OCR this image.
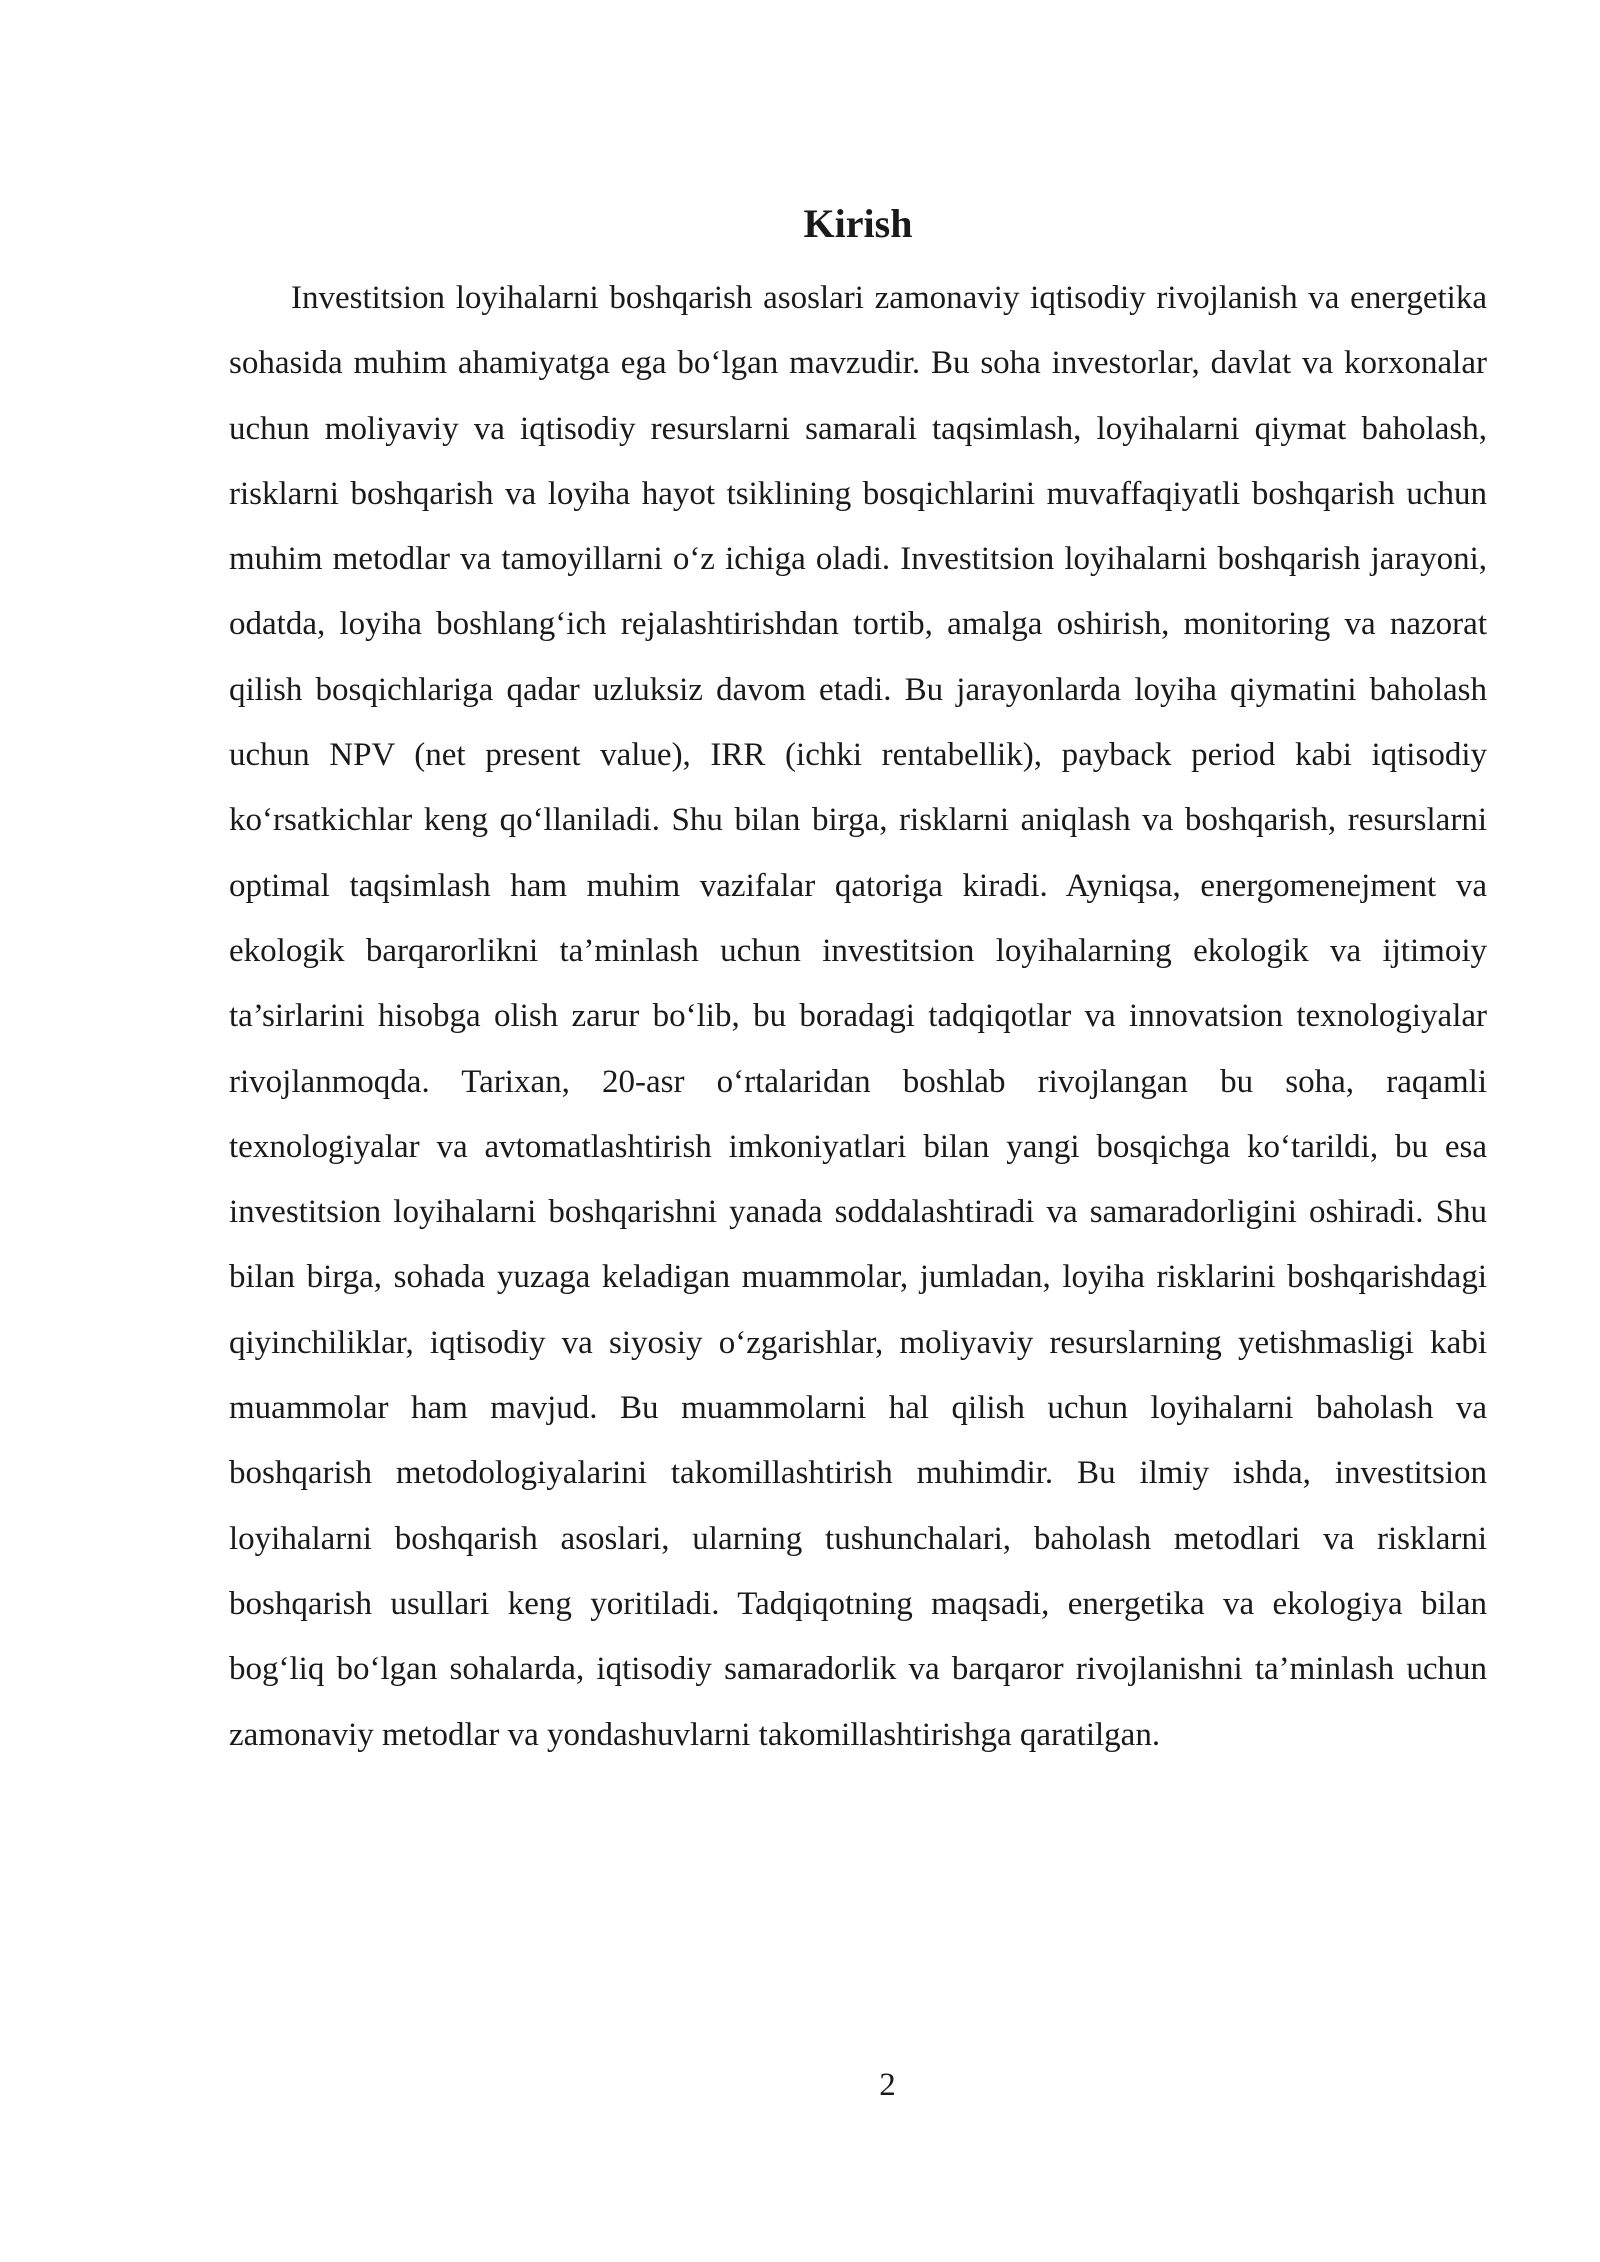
Kirish

Investitsion loyihalarni boshqarish asoslari zamonaviy iqtisodiy rivojlanish va energetika sohasida muhim ahamiyatga ega bo‘lgan mavzudir. Bu soha investorlar, davlat va korxonalar uchun moliyaviy va iqtisodiy resurslarni samarali taqsimlash, loyihalarni qiymat baholash, risklarni boshqarish va loyiha hayot tsiklining bosqichlarini muvaffaqiyatli boshqarish uchun muhim metodlar va tamoyillarni o‘z ichiga oladi. Investitsion loyihalarni boshqarish jarayoni, odatda, loyiha boshlang‘ich rejalashtirishdan tortib, amalga oshirish, monitoring va nazorat qilish bosqichlariga qadar uzluksiz davom etadi. Bu jarayonlarda loyiha qiymatini baholash uchun NPV (net present value), IRR (ichki rentabellik), payback period kabi iqtisodiy ko‘rsatkichlar keng qo‘llaniladi. Shu bilan birga, risklarni aniqlash va boshqarish, resurslarni optimal taqsimlash ham muhim vazifalar qatoriga kiradi. Ayniqsa, energomenejment va ekologik barqarorlikni ta’minlash uchun investitsion loyihalarning ekologik va ijtimoiy ta’sirlarini hisobga olish zarur bo‘lib, bu boradagi tadqiqotlar va innovatsion texnologiyalar rivojlanmoqda. Tarixan, 20-asr o‘rtalaridan boshlab rivojlangan bu soha, raqamli texnologiyalar va avtomatlashtirish imkoniyatlari bilan yangi bosqichga ko‘tarildi, bu esa investitsion loyihalarni boshqarishni yanada soddalashtiradi va samaradorligini oshiradi. Shu bilan birga, sohada yuzaga keladigan muammolar, jumladan, loyiha risklarini boshqarishdagi qiyinchiliklar, iqtisodiy va siyosiy o‘zgarishlar, moliyaviy resurslarning yetishmasligi kabi muammolar ham mavjud. Bu muammolarni hal qilish uchun loyihalarni baholash va boshqarish metodologiyalarini takomillashtirish muhimdir. Bu ilmiy ishda, investitsion loyihalarni boshqarish asoslari, ularning tushunchalari, baholash metodlari va risklarni boshqarish usullari keng yoritiladi. Tadqiqotning maqsadi, energetika va ekologiya bilan bog‘liq bo‘lgan sohalarda, iqtisodiy samaradorlik va barqaror rivojlanishni ta’minlash uchun zamonaviy metodlar va yondashuvlarni takomillashtirishga qaratilgan.

2
